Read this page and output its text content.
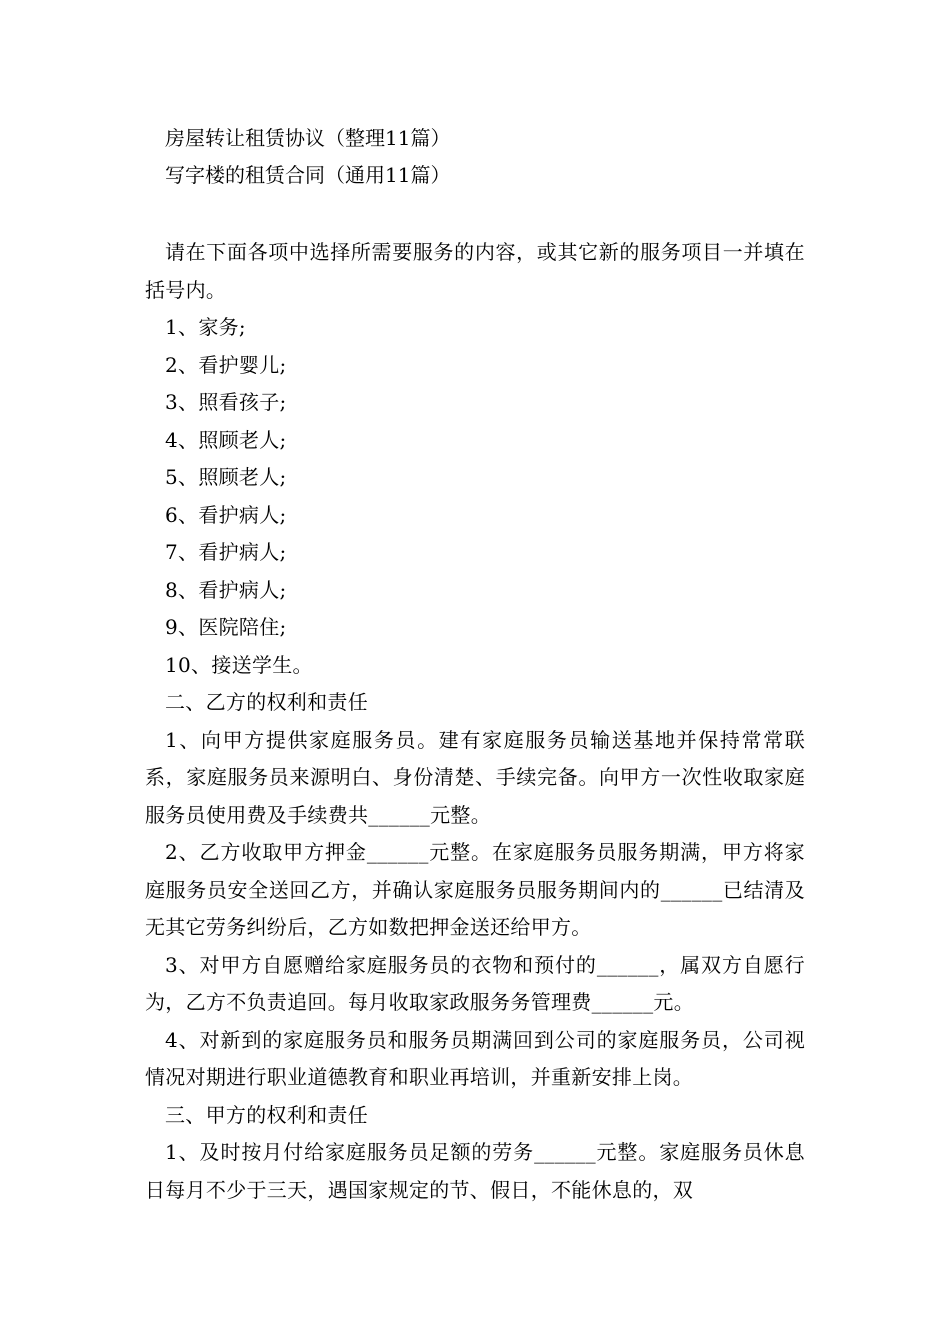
房屋转让租赁协议（整理11篇）
写字楼的租赁合同（通用11篇）

请在下面各项中选择所需要服务的内容，或其它新的服务项目一并填在括号内。

1、家务;

2、看护婴儿;

3、照看孩子;

4、照顾老人;

5、照顾老人;

6、看护病人;

7、看护病人;

8、看护病人;

9、医院陪住;

10、接送学生。

二、乙方的权利和责任

1、向甲方提供家庭服务员。建有家庭服务员输送基地并保持常常联系，家庭服务员来源明白、身份清楚、手续完备。向甲方一次性收取家庭服务员使用费及手续费共______元整。

2、乙方收取甲方押金______元整。在家庭服务员服务期满，甲方将家庭服务员安全送回乙方，并确认家庭服务员服务期间内的______已结清及无其它劳务纠纷后，乙方如数把押金送还给甲方。

3、对甲方自愿赠给家庭服务员的衣物和预付的______，属双方自愿行为，乙方不负责追回。每月收取家政服务务管理费______元。

4、对新到的家庭服务员和服务员期满回到公司的家庭服务员，公司视情况对期进行职业道德教育和职业再培训，并重新安排上岗。

三、甲方的权利和责任

1、及时按月付给家庭服务员足额的劳务______元整。家庭服务员休息日每月不少于三天，遇国家规定的节、假日，不能休息的，双
